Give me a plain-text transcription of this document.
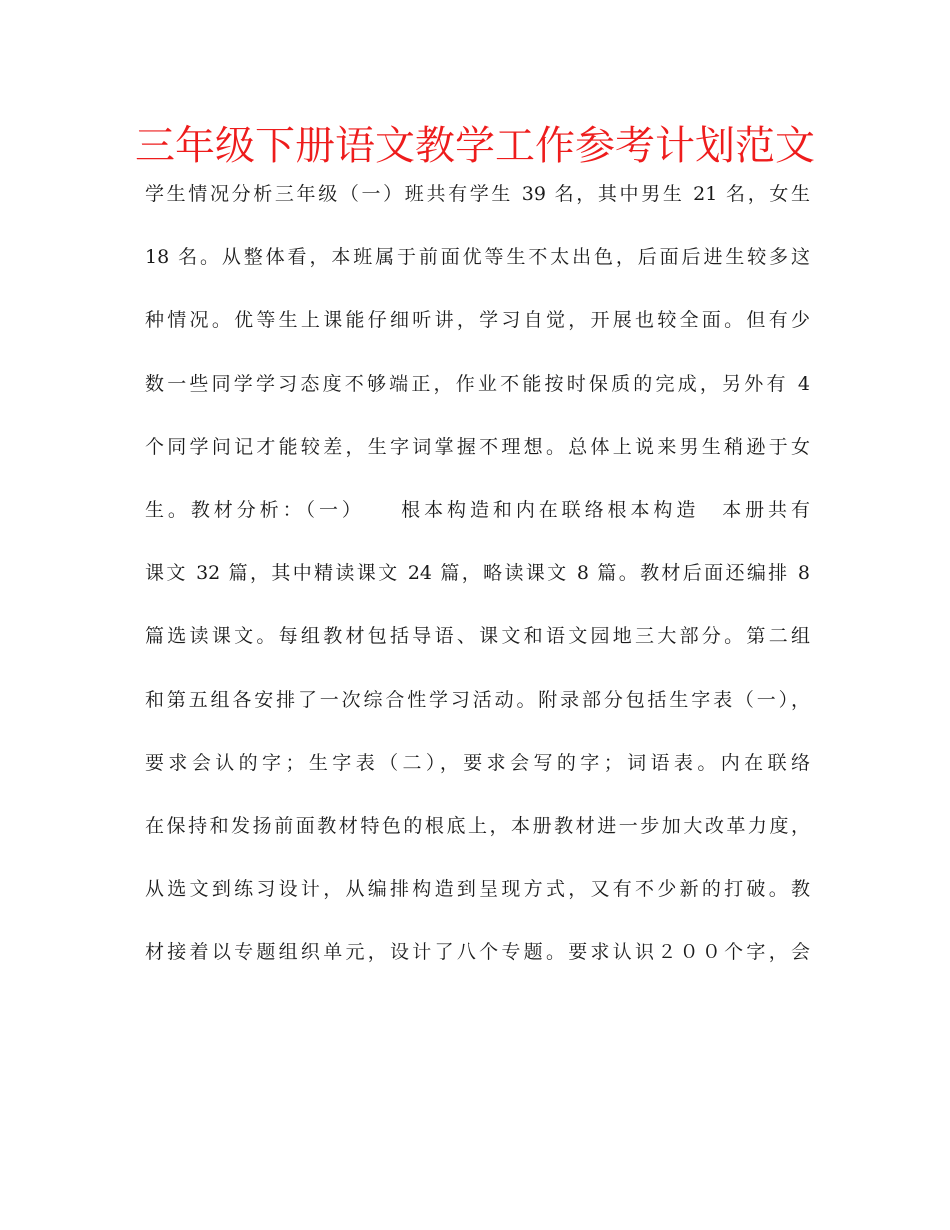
三年级下册语文教学工作参考计划范文
学生情况分析三年级（一）班共有学生 39 名，其中男生 21 名，女生
18 名。从整体看，本班属于前面优等生不太出色，后面后进生较多这
种情况。优等生上课能仔细听讲，学习自觉，开展也较全面。但有少
数一些同学学习态度不够端正，作业不能按时保质的完成，另外有 4
个同学问记才能较差，生字词掌握不理想。总体上说来男生稍逊于女
生。教材分析：（一）　　根本构造和内在联络根本构造　本册共有
课文 32 篇，其中精读课文 24 篇，略读课文 8 篇。教材后面还编排 8
篇选读课文。每组教材包括导语、课文和语文园地三大部分。第二组
和第五组各安排了一次综合性学习活动。附录部分包括生字表（一），
要求会认的字；生字表（二），要求会写的字；词语表。内在联络
在保持和发扬前面教材特色的根底上，本册教材进一步加大改革力度，
从选文到练习设计，从编排构造到呈现方式，又有不少新的打破。教
材接着以专题组织单元，设计了八个专题。要求认识２００个字，会
